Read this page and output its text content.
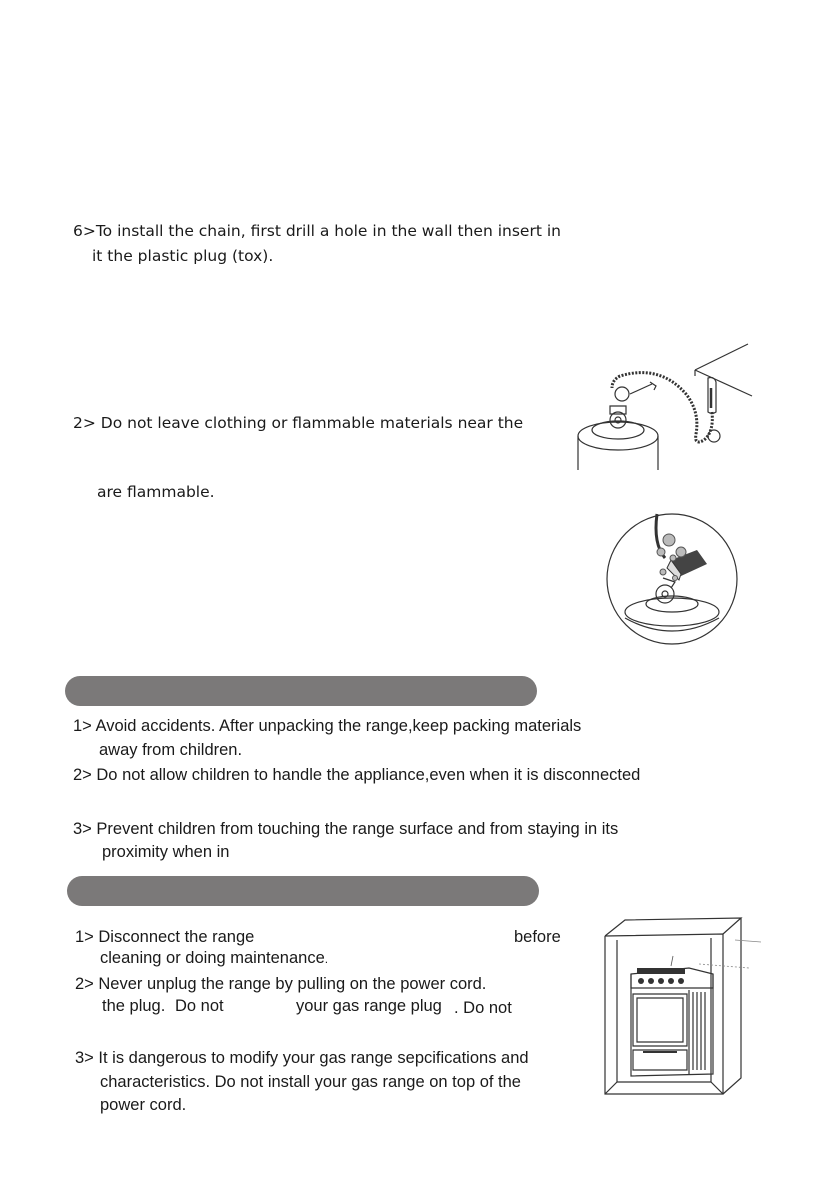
6>To install the chain, first drill a hole in the wall then insert in
it the plastic plug (tox).
2> Do not leave clothing or flammable materials near the
are flammable.
1> Avoid accidents. After unpacking the range,keep packing materials
away from children.
2> Do not allow children to handle the appliance,even when it is disconnected
3> Prevent children from touching the range surface and from staying in its
proximity when in
1> Disconnect the range	before
cleaning or doing maintenance.
2> Never unplug the range by pulling on the power cord.
the plug. Do not	your gas range plug . Do not
3> It is dangerous to modify your gas range sepcifications and
characteristics. Do not install your gas range on top of the
power cord.
